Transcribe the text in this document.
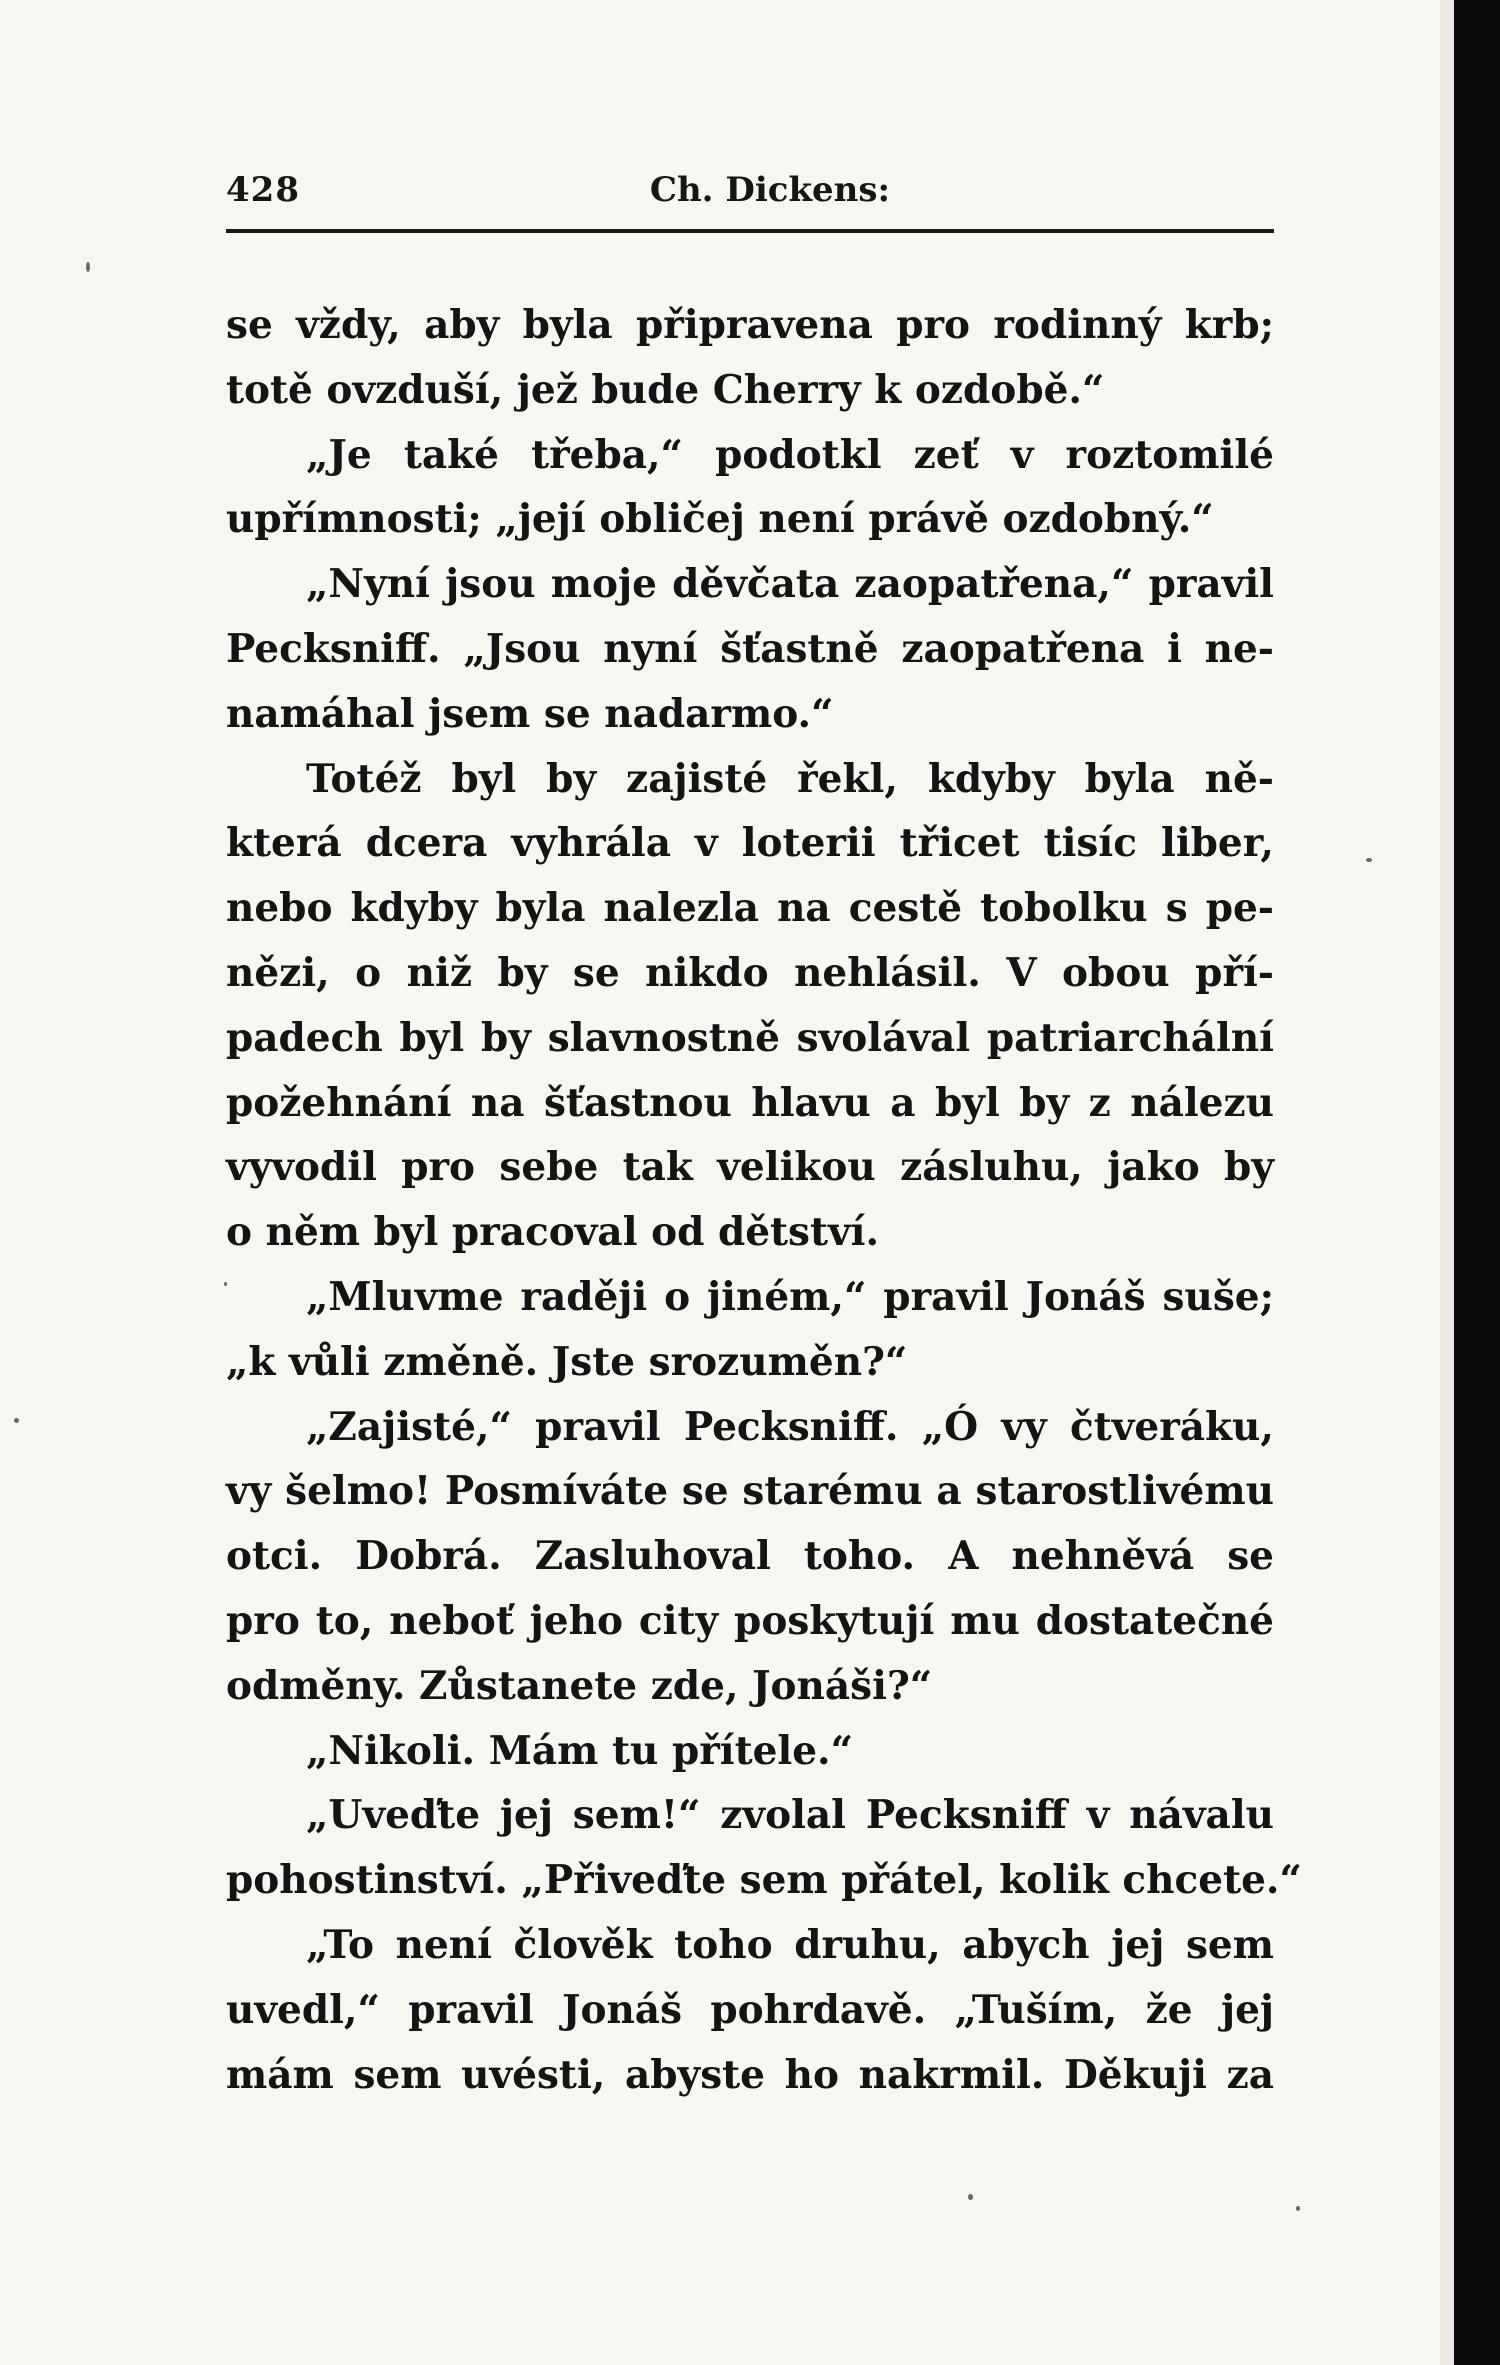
428	Ch. Dickens:
se vždy, aby byla připravena pro rodinný krb;
totě ovzduší, jež bude Cherry k ozdobě.“
„Je také třeba,“ podotkl zeť v roztomilé
upřímnosti; „její obličej není právě ozdobný.“
„Nyní jsou moje děvčata zaopatřena,“ pravil
Pecksniff. „Jsou nyní šťastně zaopatřena i ne-
namáhal jsem se nadarmo.“
Totéž byl by zajisté řekl, kdyby byla ně-
která dcera vyhrála v loterii třicet tisíc liber,
nebo kdyby byla nalezla na cestě tobolku s pe-
nězi, o niž by se nikdo nehlásil. V obou pří-
padech byl by slavnostně svolával patriarchální
požehnání na šťastnou hlavu a byl by z nálezu
vyvodil pro sebe tak velikou zásluhu, jako by
o něm byl pracoval od dětství.
„Mluvme raději o jiném,“ pravil Jonáš suše;
„k vůli změně. Jste srozuměn?“
„Zajisté,“ pravil Pecksniff. „Ó vy čtveráku,
vy šelmo! Posmíváte se starému a starostlivému
otci. Dobrá. Zasluhoval toho. A nehněvá se
pro to, neboť jeho city poskytují mu dostatečné
odměny. Zůstanete zde, Jonáši?“
„Nikoli. Mám tu přítele.“
„Uveďte jej sem!“ zvolal Pecksniff v návalu
pohostinství. „Přiveďte sem přátel, kolik chcete.“
„To není člověk toho druhu, abych jej sem
uvedl,“ pravil Jonáš pohrdavě. „Tuším, že jej
mám sem uvésti, abyste ho nakrmil. Děkuji za
